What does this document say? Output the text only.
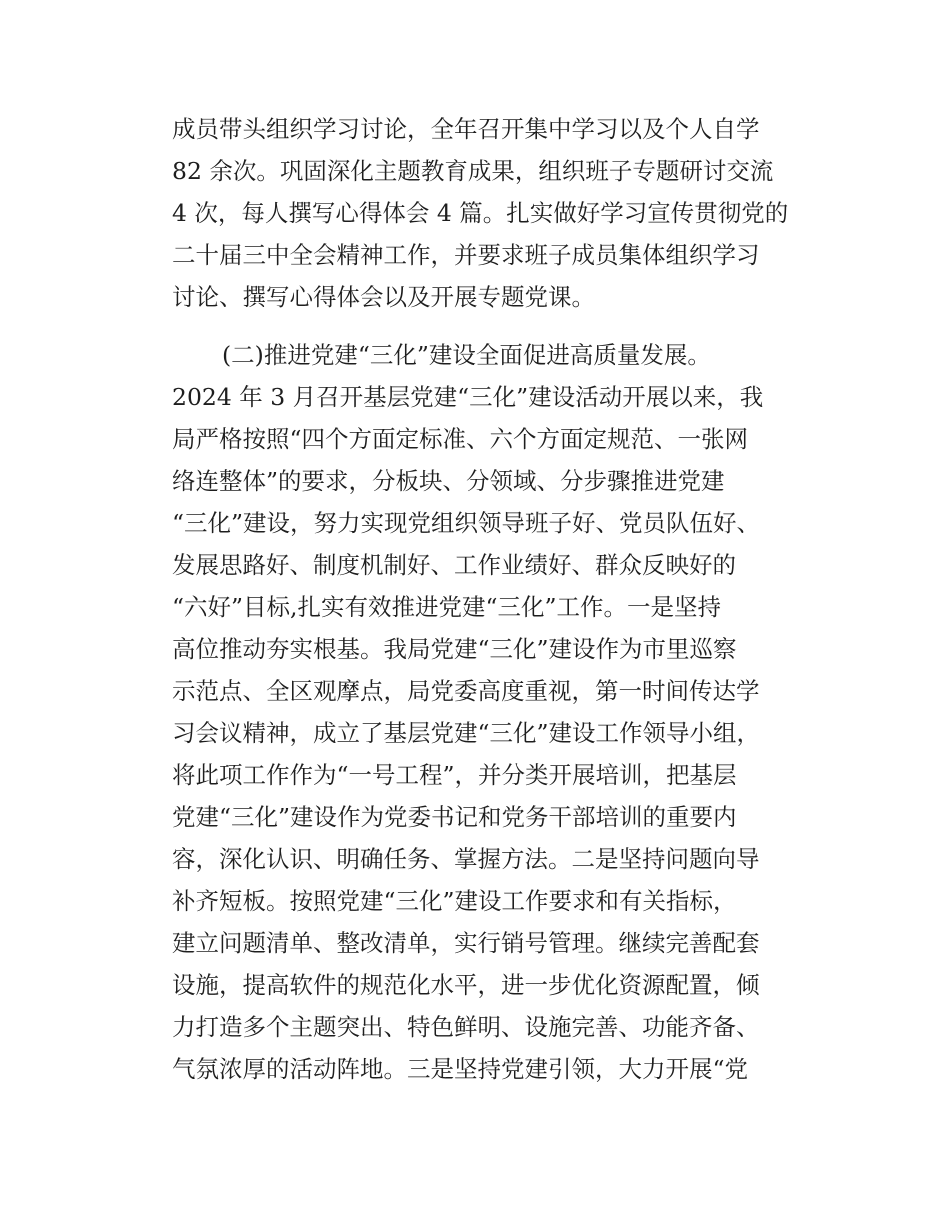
成员带头组织学习讨论，全年召开集中学习以及个人自学

82 余次。巩固深化主题教育成果，组织班子专题研讨交流

4 次，每人撰写心得体会 4 篇。扎实做好学习宣传贯彻党的

二十届三中全会精神工作，并要求班子成员集体组织学习

讨论、撰写心得体会以及开展专题党课。

(二)推进党建“三化”建设全面促进高质量发展。

2024 年 3 月召开基层党建“三化”建设活动开展以来，我

局严格按照“四个方面定标准、六个方面定规范、一张网

络连整体”的要求，分板块、分领域、分步骤推进党建

“三化”建设，努力实现党组织领导班子好、党员队伍好、

发展思路好、制度机制好、工作业绩好、群众反映好的

“六好”目标,扎实有效推进党建“三化”工作。一是坚持

高位推动夯实根基。我局党建“三化”建设作为市里巡察

示范点、全区观摩点，局党委高度重视，第一时间传达学

习会议精神，成立了基层党建“三化”建设工作领导小组，

将此项工作作为“一号工程”，并分类开展培训，把基层

党建“三化”建设作为党委书记和党务干部培训的重要内

容，深化认识、明确任务、掌握方法。二是坚持问题向导

补齐短板。按照党建“三化”建设工作要求和有关指标，

建立问题清单、整改清单，实行销号管理。继续完善配套

设施，提高软件的规范化水平，进一步优化资源配置，倾

力打造多个主题突出、特色鲜明、设施完善、功能齐备、

气氛浓厚的活动阵地。三是坚持党建引领，大力开展“党
